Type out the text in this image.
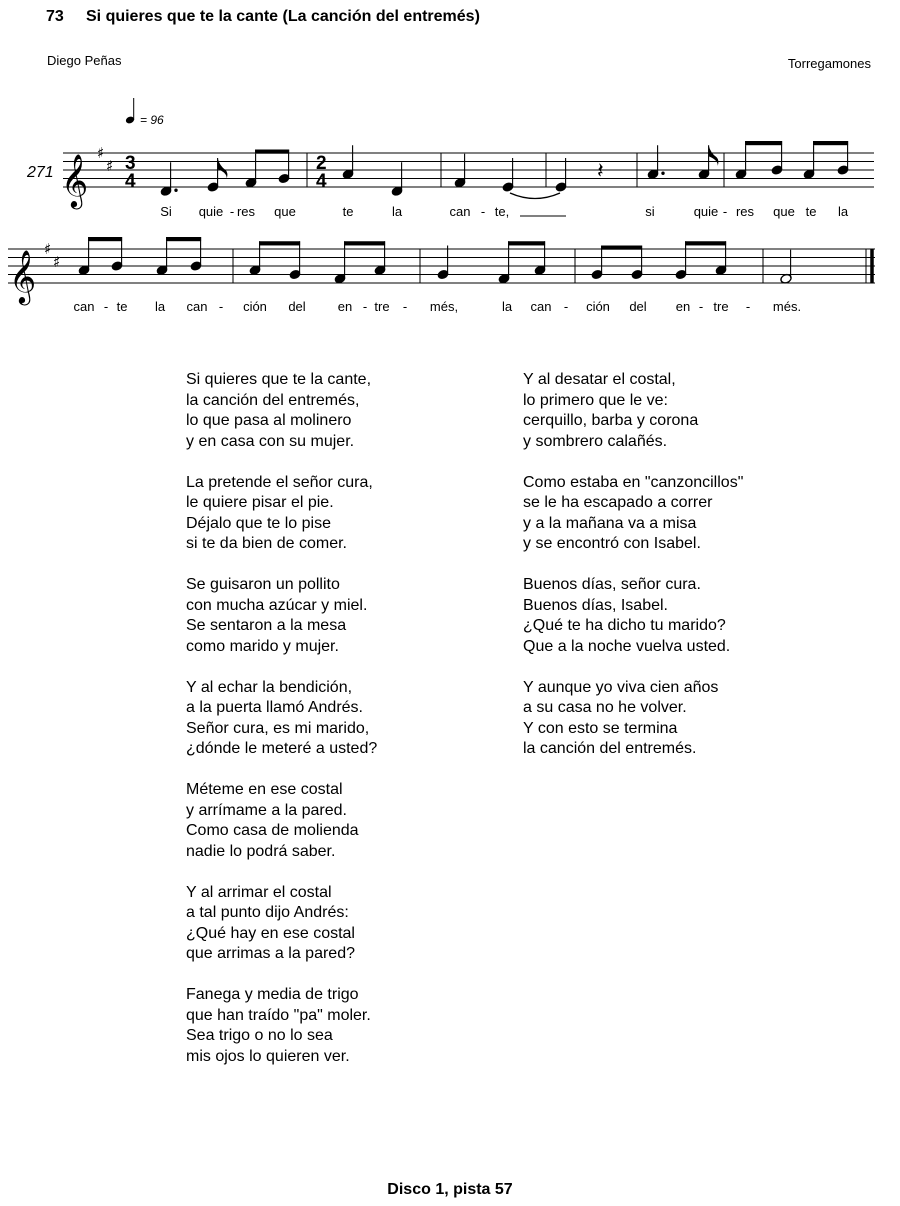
73 Si quieres que te la cante (La canción del entremés)
Diego Peñas	Torregamones
271 𝄞 ♯
♯ 3
4
= 96
2
4	𝄽
Si quie - res que	te	la	can - te,	si	quie - res que te la
𝄞 ♯
♯
can - te la can - ción del en - tre - més,	la can - ción del en - tre - més.
Si quieres que te la cante,
la canción del entremés,
lo que pasa al molinero
y en casa con su mujer.
La pretende el señor cura,
le quiere pisar el pie.
Déjalo que te lo pise
si te da bien de comer.
Se guisaron un pollito
con mucha azúcar y miel.
Se sentaron a la mesa
como marido y mujer.
Y al echar la bendición,
a la puerta llamó Andrés.
Señor cura, es mi marido,
¿dónde le meteré a usted?
Méteme en ese costal
y arrímame a la pared.
Como casa de molienda
nadie lo podrá saber.
Y al arrimar el costal
a tal punto dijo Andrés:
¿Qué hay en ese costal
que arrimas a la pared?
Fanega y media de trigo
que han traído "pa" moler.
Sea trigo o no lo sea
mis ojos lo quieren ver.
Y al desatar el costal,
lo primero que le ve:
cerquillo, barba y corona
y sombrero calañés.
Como estaba en "canzoncillos"
se le ha escapado a correr
y a la mañana va a misa
y se encontró con Isabel.
Buenos días, señor cura.
Buenos días, Isabel.
¿Qué te ha dicho tu marido?
Que a la noche vuelva usted.
Y aunque yo viva cien años
a su casa no he volver.
Y con esto se termina
la canción del entremés.
Disco 1, pista 57
